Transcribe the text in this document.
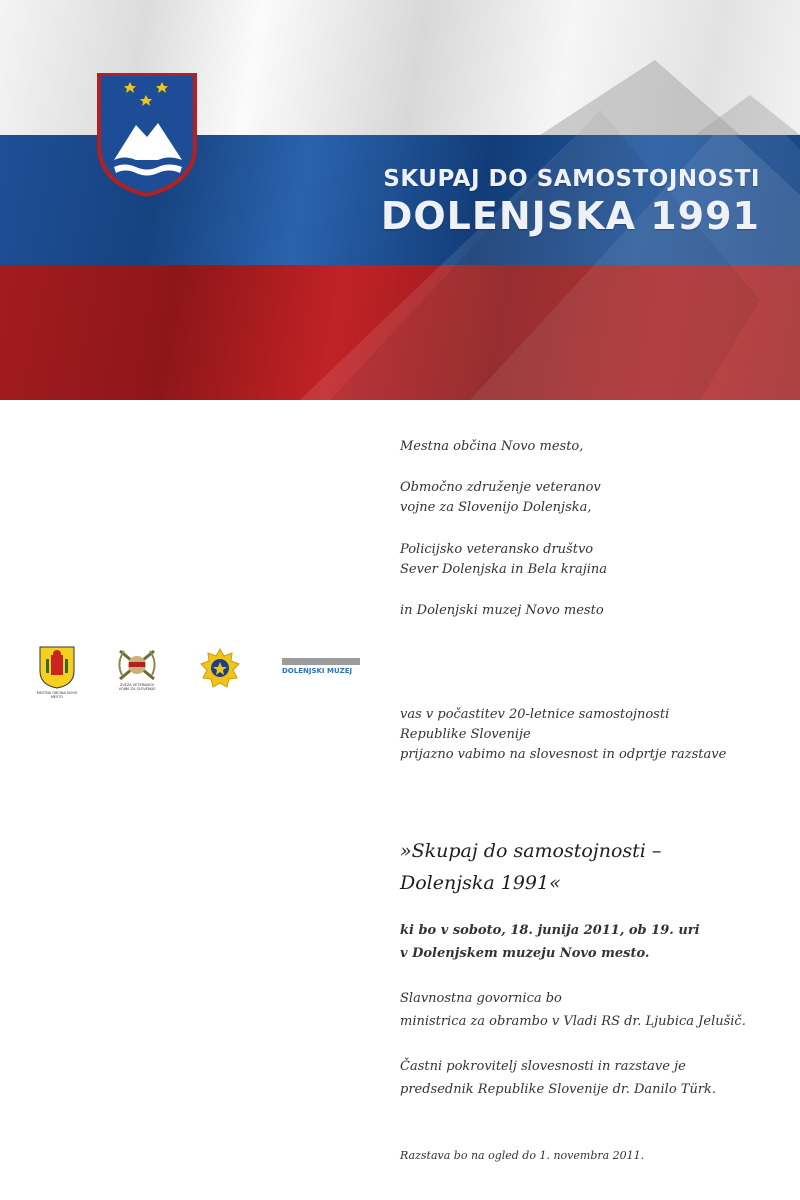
SKUPAJ DO SAMOSTOJNOSTI
DOLENJSKA 1991

Mestna občina Novo mesto,

Območno združenje veteranov

vojne za Slovenijo Dolenjska,

Policijsko veteransko društvo

Sever Dolenjska in Bela krajina

in Dolenjski muzej Novo mesto

MESTNA OBČINA NOVO MESTO
ZVEZA VETERANOV
VOJNE ZA SLOVENIJO
DOLENJSKI MUZEJ

vas v počastitev 20-letnice samostojnosti

Republike Slovenije

prijazno vabimo na slovesnost in odprtje razstave

»Skupaj do samostojnosti –

Dolenjska 1991«

ki bo v soboto, 18. junija 2011, ob 19. uri

v Dolenjskem muzeju Novo mesto.

Slavnostna govornica bo

ministrica za obrambo v Vladi RS dr. Ljubica Jelušič.

Častni pokrovitelj slovesnosti in razstave je

predsednik Republike Slovenije dr. Danilo Türk.

Razstava bo na ogled do 1. novembra 2011.
